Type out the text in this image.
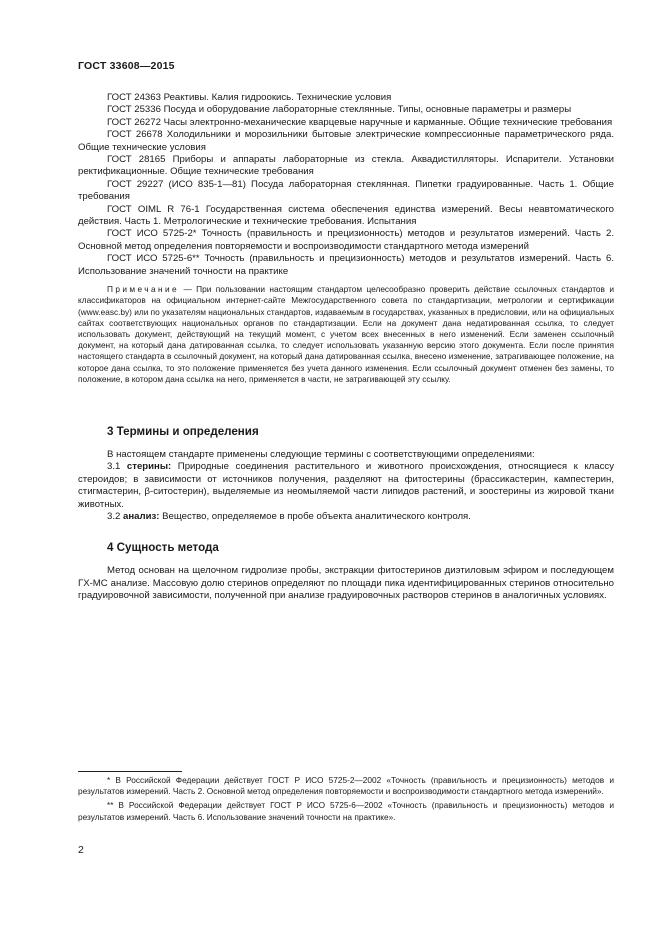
ГОСТ 33608—2015

ГОСТ 24363 Реактивы. Калия гидроокись. Технические условия

ГОСТ 25336 Посуда и оборудование лабораторные стеклянные. Типы, основные параметры и размеры

ГОСТ 26272 Часы электронно-механические кварцевые наручные и карманные. Общие технические требования

ГОСТ 26678 Холодильники и морозильники бытовые электрические компрессионные параметрического ряда. Общие технические условия

ГОСТ 28165 Приборы и аппараты лабораторные из стекла. Аквадистилляторы. Испарители. Установки ректификационные. Общие технические требования

ГОСТ 29227 (ИСО 835-1—81) Посуда лабораторная стеклянная. Пипетки градуированные. Часть 1. Общие требования

ГОСТ OIML R 76-1 Государственная система обеспечения единства измерений. Весы неавтоматического действия. Часть 1. Метрологические и технические требования. Испытания

ГОСТ ИСО 5725-2* Точность (правильность и прецизионность) методов и результатов измерений. Часть 2. Основной метод определения повторяемости и воспроизводимости стандартного метода измерений

ГОСТ ИСО 5725-6** Точность (правильность и прецизионность) методов и результатов измерений. Часть 6. Использование значений точности на практике

Примечание — При пользовании настоящим стандартом целесообразно проверить действие ссылочных стандартов и классификаторов на официальном интернет-сайте Межгосударственного совета по стандартизации, метрологии и сертификации (www.easc.by) или по указателям национальных стандартов, издаваемым в государствах, указанных в предисловии, или на официальных сайтах соответствующих национальных органов по стандартизации. Если на документ дана недатированная ссылка, то следует использовать документ, действующий на текущий момент, с учетом всех внесенных в него изменений. Если заменен ссылочный документ, на который дана датированная ссылка, то следует использовать указанную версию этого документа. Если после принятия настоящего стандарта в ссылочный документ, на который дана датированная ссылка, внесено изменение, затрагивающее положение, на которое дана ссылка, то это положение применяется без учета данного изменения. Если ссылочный документ отменен без замены, то положение, в котором дана ссылка на него, применяется в части, не затрагивающей эту ссылку.

3 Термины и определения

В настоящем стандарте применены следующие термины с соответствующими определениями:

3.1 стерины: Природные соединения растительного и животного происхождения, относящиеся к классу стероидов; в зависимости от источников получения, разделяют на фитостерины (брассикастерин, кампестерин, стигмастерин, β-ситостерин), выделяемые из неомыляемой части липидов растений, и зоостерины из жировой ткани животных.

3.2 анализ: Вещество, определяемое в пробе объекта аналитического контроля.

4 Сущность метода

Метод основан на щелочном гидролизе пробы, экстракции фитостеринов диэтиловым эфиром и последующем ГХ-МС анализе. Массовую долю стеринов определяют по площади пика идентифицированных стеринов относительно градуировочной зависимости, полученной при анализе градуировочных растворов стеринов в аналогичных условиях.

* В Российской Федерации действует ГОСТ Р ИСО 5725-2—2002 «Точность (правильность и прецизионность) методов и результатов измерений. Часть 2. Основной метод определения повторяемости и воспроизводимости стандартного метода измерений».

** В Российской Федерации действует ГОСТ Р ИСО 5725-6—2002 «Точность (правильность и прецизионность) методов и результатов измерений. Часть 6. Использование значений точности на практике».

2
